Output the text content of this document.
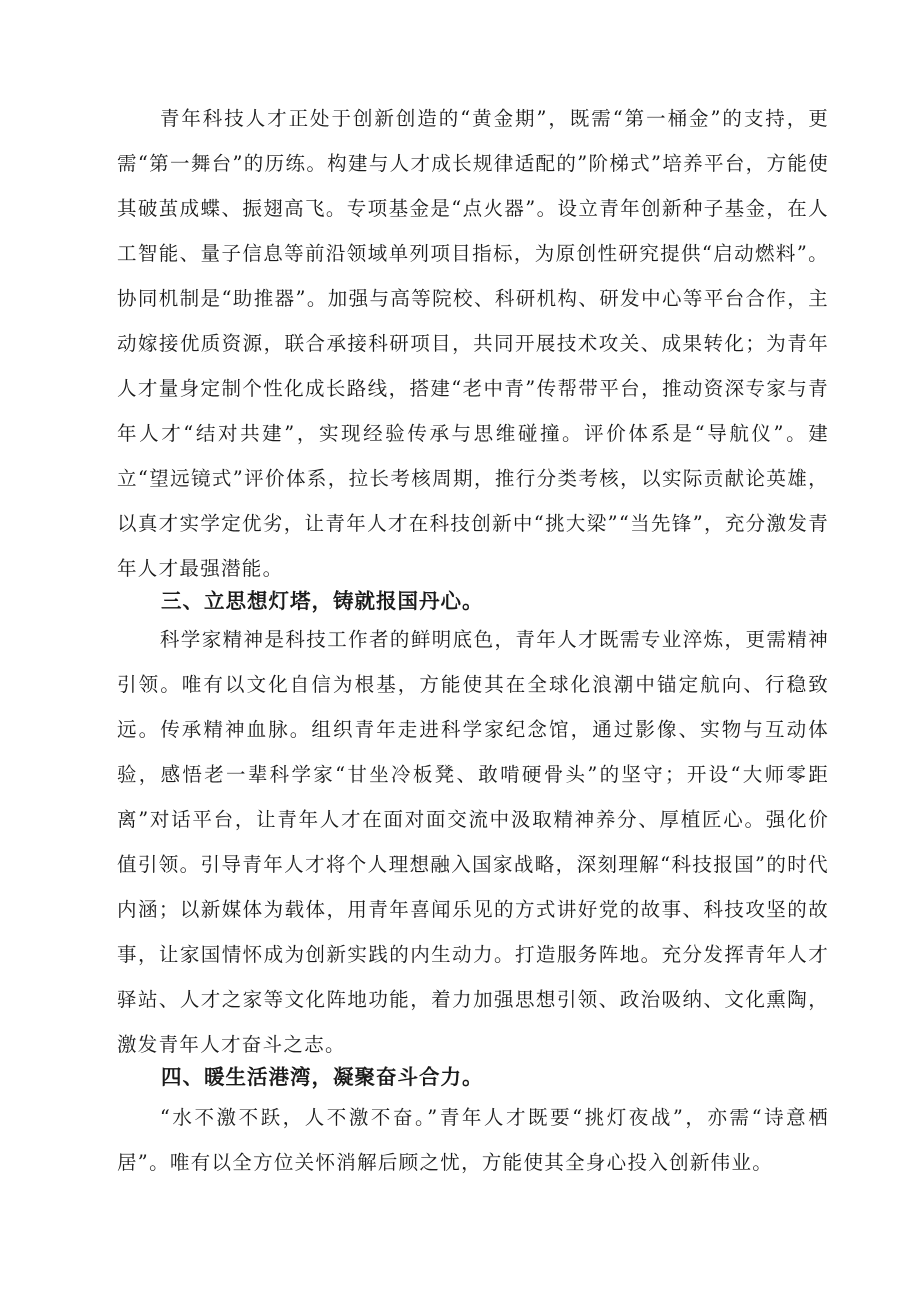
青年科技人才正处于创新创造的“黄金期”，既需“第一桶金”的支持，更需“第一舞台”的历练。构建与人才成长规律适配的”阶梯式”培养平台，方能使其破茧成蝶、振翅高飞。专项基金是“点火器”。设立青年创新种子基金，在人工智能、量子信息等前沿领域单列项目指标，为原创性研究提供“启动燃料”。协同机制是“助推器”。加强与高等院校、科研机构、研发中心等平台合作，主动嫁接优质资源，联合承接科研项目，共同开展技术攻关、成果转化；为青年人才量身定制个性化成长路线，搭建“老中青”传帮带平台，推动资深专家与青年人才“结对共建”，实现经验传承与思维碰撞。评价体系是“导航仪”。建立“望远镜式”评价体系，拉长考核周期，推行分类考核，以实际贡献论英雄，以真才实学定优劣，让青年人才在科技创新中“挑大梁”“当先锋”，充分激发青年人才最强潜能。

三、立思想灯塔，铸就报国丹心。

科学家精神是科技工作者的鲜明底色，青年人才既需专业淬炼，更需精神引领。唯有以文化自信为根基，方能使其在全球化浪潮中锚定航向、行稳致远。传承精神血脉。组织青年走进科学家纪念馆，通过影像、实物与互动体验，感悟老一辈科学家“甘坐冷板凳、敢啃硬骨头”的坚守；开设“大师零距离”对话平台，让青年人才在面对面交流中汲取精神养分、厚植匠心。强化价值引领。引导青年人才将个人理想融入国家战略，深刻理解“科技报国”的时代内涵；以新媒体为载体，用青年喜闻乐见的方式讲好党的故事、科技攻坚的故事，让家国情怀成为创新实践的内生动力。打造服务阵地。充分发挥青年人才驿站、人才之家等文化阵地功能，着力加强思想引领、政治吸纳、文化熏陶，激发青年人才奋斗之志。

四、暖生活港湾，凝聚奋斗合力。

“水不激不跃，人不激不奋。”青年人才既要“挑灯夜战”，亦需“诗意栖居”。唯有以全方位关怀消解后顾之忧，方能使其全身心投入创新伟业。
